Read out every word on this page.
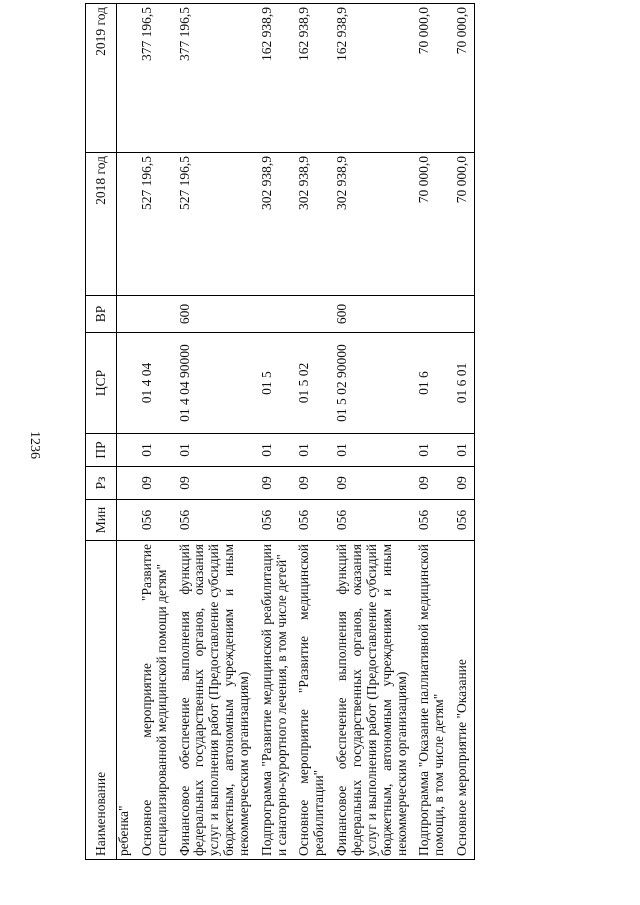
1236
Наименование	Мин	Рз	ПР	ЦСР	ВР	2018 год	2019 год
ребенка"							
Основное мероприятие "Развитие специализированной медицинской помощи детям"	056	09	01	01 4 04		527 196,5	377 196,5
Финансовое обеспечение выполнения функций федеральных государственных органов, оказания услуг и выполнения работ (Предоставление субсидий бюджетным, автономным учреждениям и иным некоммерческим организациям)	056	09	01	01 4 04 90000	600	527 196,5	377 196,5
Подпрограмма "Развитие медицинской реабилитации и санаторно-курортного лечения, в том числе детей"	056	09	01	01 5		302 938,9	162 938,9
Основное мероприятие "Развитие медицинской реабилитации"	056	09	01	01 5 02		302 938,9	162 938,9
Финансовое обеспечение выполнения функций федеральных государственных органов, оказания услуг и выполнения работ (Предоставление субсидий бюджетным, автономным учреждениям и иным некоммерческим организациям)	056	09	01	01 5 02 90000	600	302 938,9	162 938,9
Подпрограмма "Оказание паллиативной медицинской помощи, в том числе детям"	056	09	01	01 6		70 000,0	70 000,0
Основное мероприятие "Оказание	056	09	01	01 6 01		70 000,0	70 000,0
